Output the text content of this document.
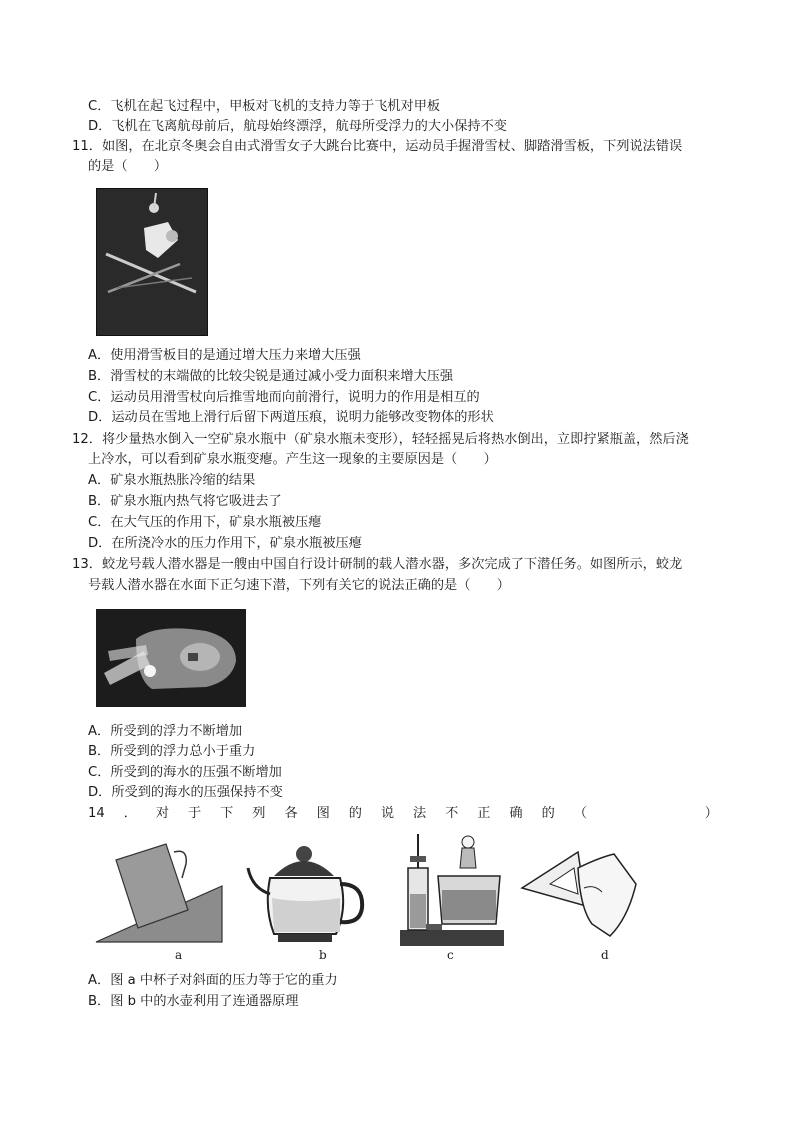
C．飞机在起飞过程中，甲板对飞机的支持力等于飞机对甲板
D．飞机在飞离航母前后，航母始终漂浮，航母所受浮力的大小保持不变
11．如图，在北京冬奥会自由式滑雪女子大跳台比赛中，运动员手握滑雪杖、脚踏滑雪板，下列说法错误
的是（　　）
A．使用滑雪板目的是通过增大压力来增大压强
B．滑雪杖的末端做的比较尖锐是通过减小受力面积来增大压强
C．运动员用滑雪杖向后推雪地而向前滑行，说明力的作用是相互的
D．运动员在雪地上滑行后留下两道压痕，说明力能够改变物体的形状
12．将少量热水倒入一空矿泉水瓶中（矿泉水瓶未变形），轻轻摇晃后将热水倒出，立即拧紧瓶盖，然后浇
上冷水，可以看到矿泉水瓶变瘪。产生这一现象的主要原因是（　　）
A．矿泉水瓶热胀冷缩的结果
B．矿泉水瓶内热气将它吸进去了
C．在大气压的作用下，矿泉水瓶被压瘪
D．在所浇冷水的压力作用下，矿泉水瓶被压瘪
13．蛟龙号载人潜水器是一艘由中国自行设计研制的载人潜水器，多次完成了下潜任务。如图所示，蛟龙
号载人潜水器在水面下正匀速下潜，下列有关它的说法正确的是（　　）
A．所受到的浮力不断增加
B．所受到的浮力总小于重力
C．所受到的海水的压强不断增加
D．所受到的海水的压强保持不变
14 ． 对 于 下 列 各 图 的 说 法 不 正 确 的 （	）
a	b	c	d
A．图 a 中杯子对斜面的压力等于它的重力
B．图 b 中的水壶利用了连通器原理
